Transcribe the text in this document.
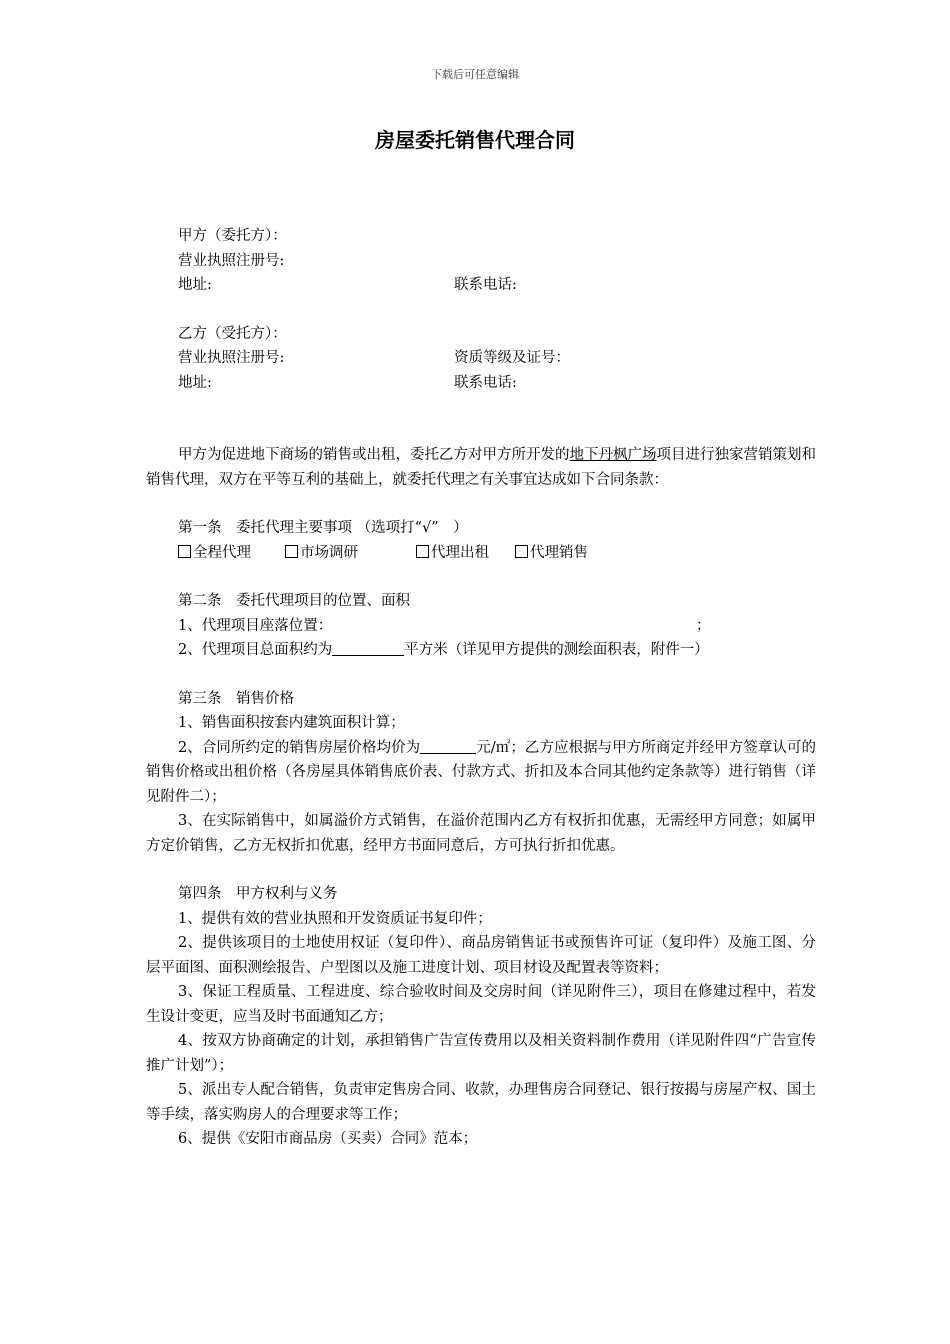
下载后可任意编辑
房屋委托销售代理合同

甲方（委托方）：

营业执照注册号:

地址:	联系电话:

乙方（受托方）：

营业执照注册号:	资质等级及证号：

地址:	联系电话:

甲方为促进地下商场的销售或出租，委托乙方对甲方所开发的地下丹枫广场项目进行独家营销策划和销售代理，双方在平等互利的基础上，就委托代理之有关事宜达成如下合同条款：

第一条　委托代理主要事项 （选项打“√”　）

全程代理	市场调研	代理出租	代理销售

第二条　委托代理项目的位置、面积

1、代理项目座落位置：	；

2、代理项目总面积约为	平方米（详见甲方提供的测绘面积表，附件一）

第三条　销售价格

1、销售面积按套内建筑面积计算；

2、合同所约定的销售房屋价格均价为	元/㎡；乙方应根据与甲方所商定并经甲方签章认可的销售价格或出租价格（各房屋具体销售底价表、付款方式、折扣及本合同其他约定条款等）进行销售（详见附件二）；

3、在实际销售中，如属溢价方式销售，在溢价范围内乙方有权折扣优惠，无需经甲方同意；如属甲方定价销售，乙方无权折扣优惠，经甲方书面同意后，方可执行折扣优惠。

第四条　甲方权利与义务

1、提供有效的营业执照和开发资质证书复印件；

2、提供该项目的土地使用权证（复印件）、商品房销售证书或预售许可证（复印件）及施工图、分层平面图、面积测绘报告、户型图以及施工进度计划、项目材设及配置表等资料；

3、保证工程质量、工程进度、综合验收时间及交房时间（详见附件三），项目在修建过程中，若发生设计变更，应当及时书面通知乙方；

4、按双方协商确定的计划，承担销售广告宣传费用以及相关资料制作费用（详见附件四“广告宣传推广计划”）；

5、派出专人配合销售，负责审定售房合同、收款，办理售房合同登记、银行按揭与房屋产权、国土等手续，落实购房人的合理要求等工作；

6、提供《安阳市商品房（买卖）合同》范本；
